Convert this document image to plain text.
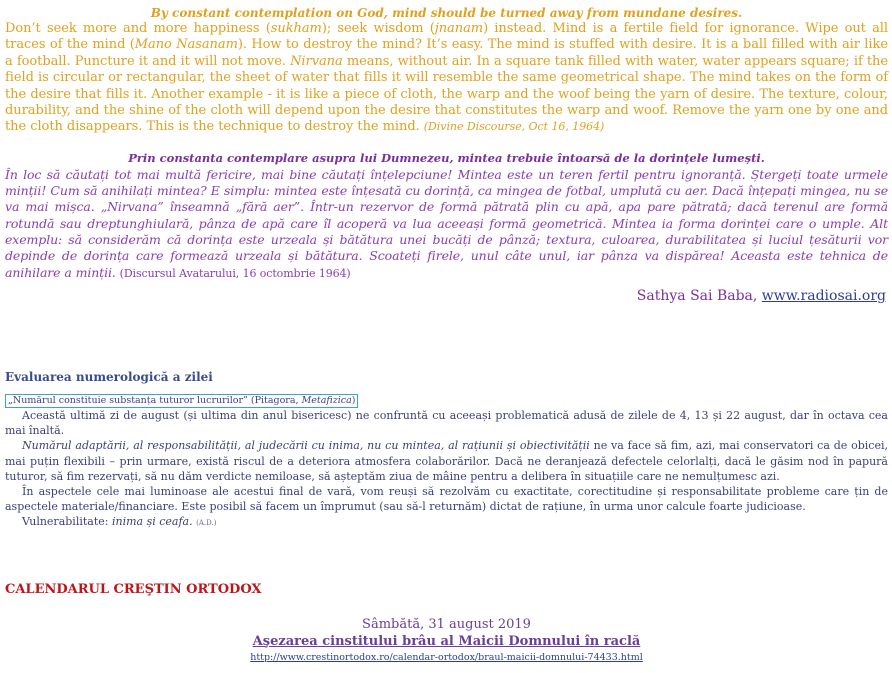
By constant contemplation on God, mind should be turned away from mundane desires.

Don’t seek more and more happiness (sukham); seek wisdom (jnanam) instead. Mind is a fertile field for ignorance. Wipe out all traces of the mind (Mano Nasanam). How to destroy the mind? It’s easy. The mind is stuffed with desire. It is a ball filled with air like a football. Puncture it and it will not move. Nirvana means, without air. In a square tank filled with water, water appears square; if the field is circular or rectangular, the sheet of water that fills it will resemble the same geometrical shape. The mind takes on the form of the desire that fills it. Another example - it is like a piece of cloth, the warp and the woof being the yarn of desire. The texture, colour, durability, and the shine of the cloth will depend upon the desire that constitutes the warp and woof. Remove the yarn one by one and the cloth disappears. This is the technique to destroy the mind. (Divine Discourse, Oct 16, 1964)

Prin constanta contemplare asupra lui Dumnezeu, mintea trebuie întoarsă de la dorințele lumești.

În loc să căutați tot mai multă fericire, mai bine căutați înțelepciune! Mintea este un teren fertil pentru ignoranță. Ștergeți toate urmele minții! Cum să anihilați mintea? E simplu: mintea este înțesată cu dorință, ca mingea de fotbal, umplută cu aer. Dacă înțepați mingea, nu se va mai mișca. „Nirvana” înseamnă „fără aer”. Într-un rezervor de formă pătrată plin cu apă, apa pare pătrată; dacă terenul are formă rotundă sau dreptunghiulară, pânza de apă care îl acoperă va lua aceeași formă geometrică. Mintea ia forma dorinței care o umple. Alt exemplu: să considerăm că dorința este urzeala și bătătura unei bucăți de pânză; textura, culoarea, durabilitatea și luciul țesăturii vor depinde de dorința care formează urzeala și bătătura. Scoateți firele, unul câte unul, iar pânza va dispărea! Aceasta este tehnica de anihilare a minții. (Discursul Avatarului, 16 octombrie 1964)

Sathya Sai Baba, www.radiosai.org
Evaluarea numerologică a zilei
„Numărul constituie substanța tuturor lucrurilor” (Pitagora, Metafizica)

Această ultimă zi de august (și ultima din anul bisericesc) ne confruntă cu aceeași problematică adusă de zilele de 4, 13 și 22 august, dar în octava cea mai înaltă.

Numărul adaptării, al responsabilității, al judecării cu inima, nu cu mintea, al rațiunii și obiectivității ne va face să fim, azi, mai conservatori ca de obicei, mai puțin flexibili – prin urmare, există riscul de a deteriora atmosfera colaborărilor. Dacă ne deranjează defectele celorlalți, dacă le găsim nod în papură tuturor, să fim rezervați, să nu dăm verdicte nemiloase, să așteptăm ziua de mâine pentru a delibera în situațiile care ne nemulțumesc azi.

În aspectele cele mai luminoase ale acestui final de vară, vom reuși să rezolvăm cu exactitate, corectitudine și responsabilitate probleme care țin de aspectele materiale/financiare. Este posibil să facem un împrumut (sau să-l returnăm) dictat de rațiune, în urma unor calcule foarte judicioase.

Vulnerabilitate: inima și ceafa. (A.D.)

CALENDARUL CREŞTIN ORTODOX
Sâmbătă, 31 august 2019
Aşezarea cinstitului brâu al Maicii Domnului în raclă
http://www.crestinortodox.ro/calendar-ortodox/braul-maicii-domnului-74433.html
